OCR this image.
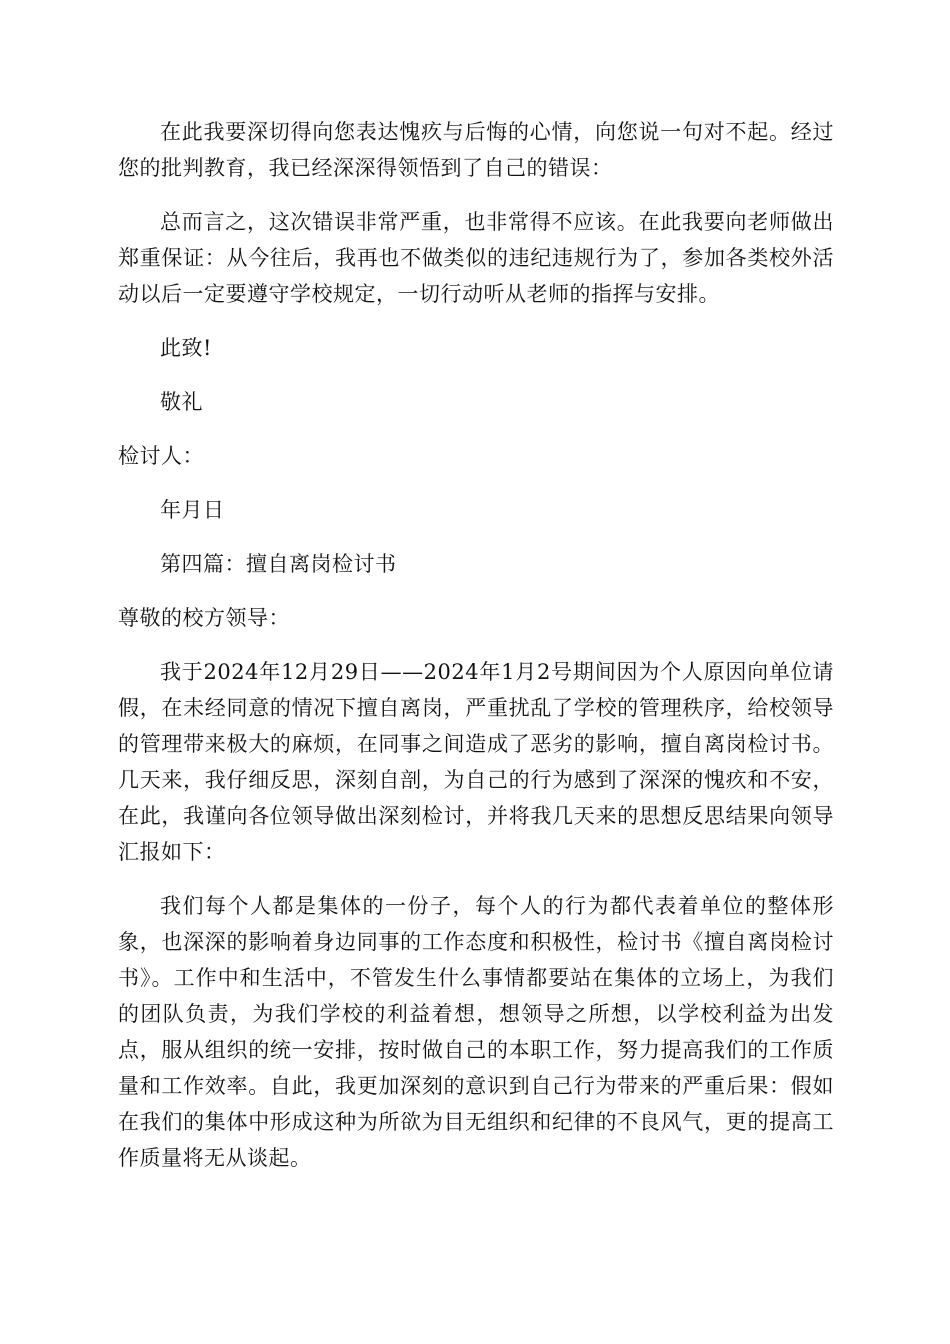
在此我要深切得向您表达愧疚与后悔的心情，向您说一句对不起。经过您的批判教育，我已经深深得领悟到了自己的错误：

总而言之，这次错误非常严重，也非常得不应该。在此我要向老师做出郑重保证：从今往后，我再也不做类似的违纪违规行为了，参加各类校外活动以后一定要遵守学校规定，一切行动听从老师的指挥与安排。

此致!

敬礼

检讨人：

年月日

第四篇：擅自离岗检讨书

尊敬的校方领导：

我于2024年12月29日——2024年1月2号期间因为个人原因向单位请假，在未经同意的情况下擅自离岗，严重扰乱了学校的管理秩序，给校领导的管理带来极大的麻烦，在同事之间造成了恶劣的影响，擅自离岗检讨书。几天来，我仔细反思，深刻自剖，为自己的行为感到了深深的愧疚和不安，在此，我谨向各位领导做出深刻检讨，并将我几天来的思想反思结果向领导汇报如下：

我们每个人都是集体的一份子，每个人的行为都代表着单位的整体形象，也深深的影响着身边同事的工作态度和积极性，检讨书《擅自离岗检讨书》。工作中和生活中，不管发生什么事情都要站在集体的立场上，为我们的团队负责，为我们学校的利益着想，想领导之所想，以学校利益为出发点，服从组织的统一安排，按时做自己的本职工作，努力提高我们的工作质量和工作效率。自此，我更加深刻的意识到自己行为带来的严重后果：假如在我们的集体中形成这种为所欲为目无组织和纪律的不良风气，更的提高工作质量将无从谈起。
